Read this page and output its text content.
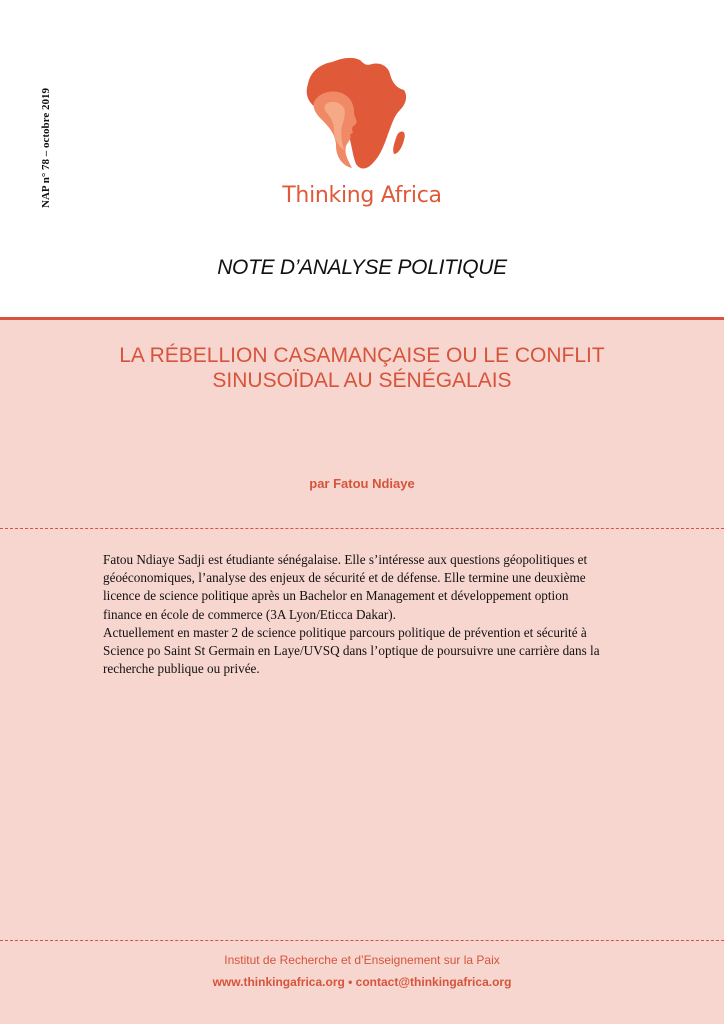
NAP n° 78 – octobre 2019	Thinking Africa
NOTE D’ANALYSE POLITIQUE
LA RÉBELLION CASAMANÇAISE OU LE CONFLIT
SINUSOÏDAL AU SÉNÉGALAIS
par Fatou Ndiaye
Fatou Ndiaye Sadji est étudiante sénégalaise. Elle s’intéresse aux questions géopolitiques et
géoéconomiques, l’analyse des enjeux de sécurité et de défense. Elle termine une deuxième
licence de science politique après un Bachelor en Management et développement option
finance en école de commerce (3A Lyon/Eticca Dakar).
Actuellement en master 2 de science politique parcours politique de prévention et sécurité à
Science po Saint St Germain en Laye/UVSQ dans l’optique de poursuivre une carrière dans la
recherche publique ou privée.
Institut de Recherche et d’Enseignement sur la Paix
www.thinkingafrica.org • contact@thinkingafrica.org
